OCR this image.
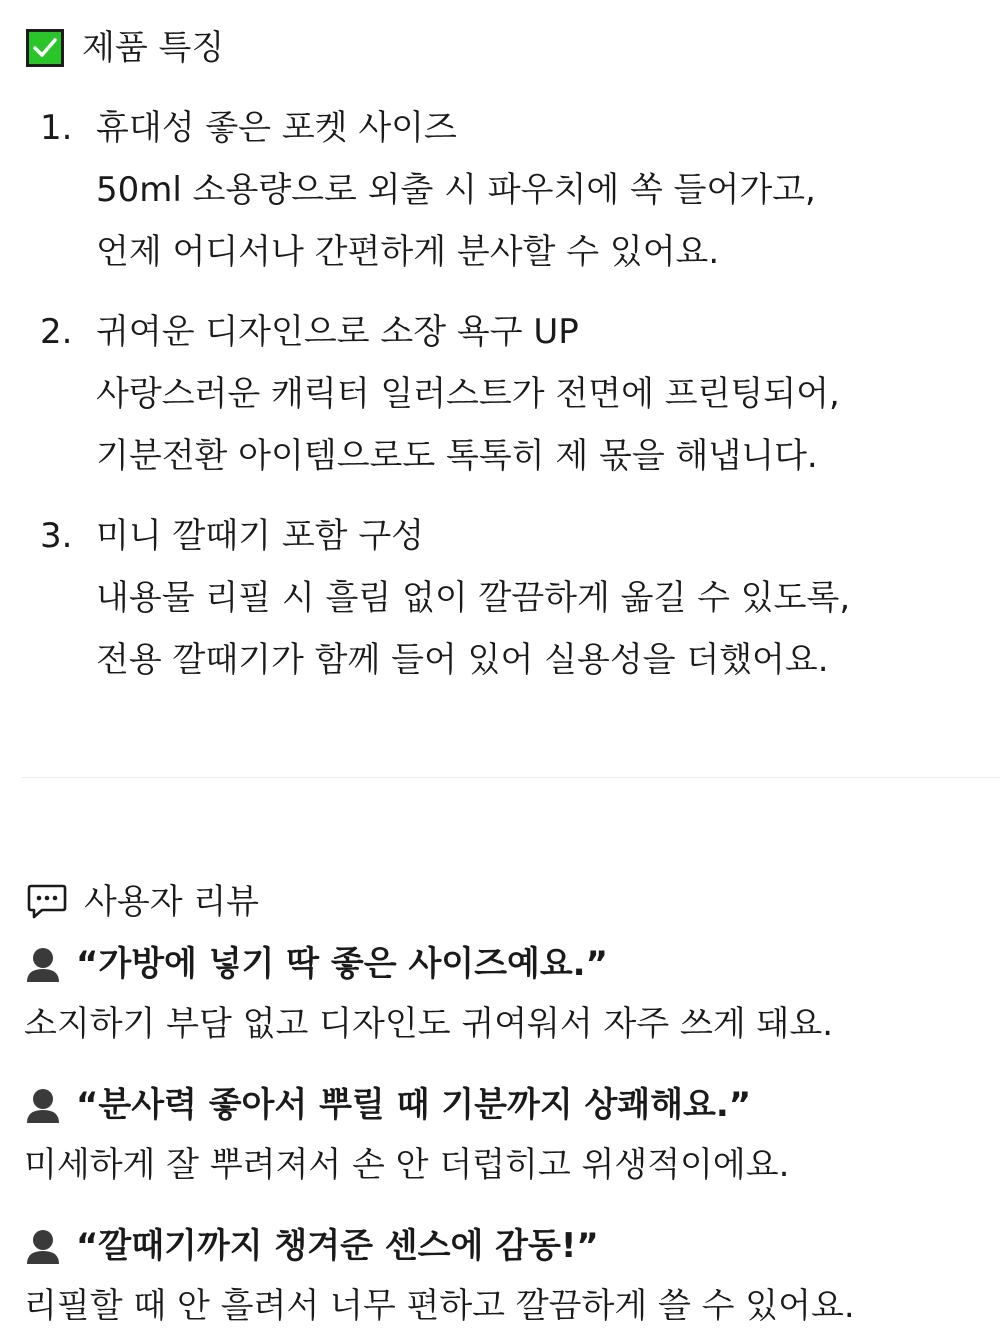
제품 특징
1. 휴대성 좋은 포켓 사이즈
50ml 소용량으로 외출 시 파우치에 쏙 들어가고,
언제 어디서나 간편하게 분사할 수 있어요.
2. 귀여운 디자인으로 소장 욕구 UP
사랑스러운 캐릭터 일러스트가 전면에 프린팅되어,
기분전환 아이템으로도 톡톡히 제 몫을 해냅니다.
3. 미니 깔때기 포함 구성
내용물 리필 시 흘림 없이 깔끔하게 옮길 수 있도록,
전용 깔때기가 함께 들어 있어 실용성을 더했어요.
사용자 리뷰
“가방에 넣기 딱 좋은 사이즈예요.”
소지하기 부담 없고 디자인도 귀여워서 자주 쓰게 돼요.
“분사력 좋아서 뿌릴 때 기분까지 상쾌해요.”
미세하게 잘 뿌려져서 손 안 더럽히고 위생적이에요.
“깔때기까지 챙겨준 센스에 감동!”
리필할 때 안 흘려서 너무 편하고 깔끔하게 쓸 수 있어요.
